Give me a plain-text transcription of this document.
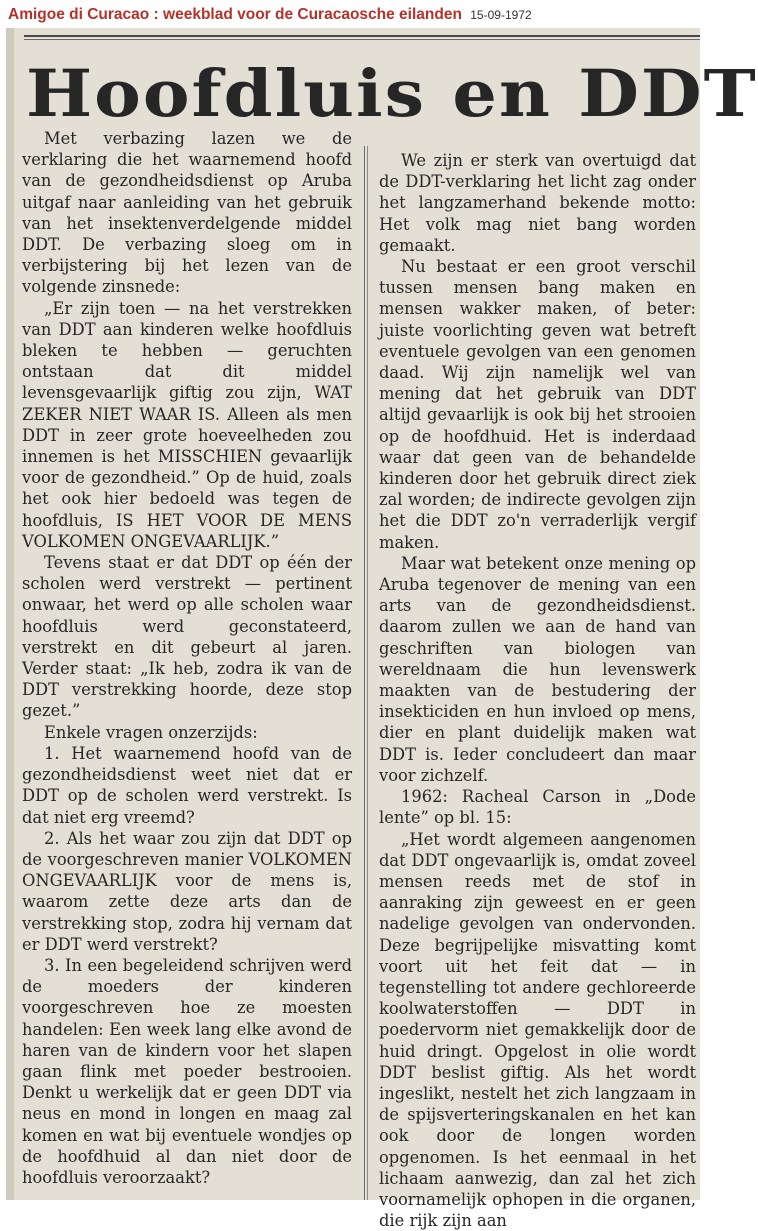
Amigoe di Curacao : weekblad voor de Curacaosche eilanden 15-09-1972
Hoofdluis en DDT

Met verbazing lazen we de verklaring die het waarnemend hoofd van de gezondheidsdienst op Aruba uitgaf naar aanleiding van het gebruik van het insektenverdelgende middel DDT. De verbazing sloeg om in verbijstering bij het lezen van de volgende zinsnede:

„Er zijn toen — na het verstrekken van DDT aan kinderen welke hoofdluis bleken te hebben — geruchten ontstaan dat dit middel levensgevaarlijk giftig zou zijn, WAT ZEKER NIET WAAR IS. Alleen als men DDT in zeer grote hoeveelheden zou innemen is het MISSCHIEN gevaarlijk voor de gezondheid.” Op de huid, zoals het ook hier bedoeld was tegen de hoofdluis, IS HET VOOR DE MENS VOLKOMEN ONGEVAARLIJK.”

Tevens staat er dat DDT op één der scholen werd verstrekt — pertinent onwaar, het werd op alle scholen waar hoofdluis werd geconstateerd, verstrekt en dit gebeurt al jaren. Verder staat: „Ik heb, zodra ik van de DDT verstrekking hoorde, deze stop gezet.”

Enkele vragen onzerzijds:

1. Het waarnemend hoofd van de gezondheidsdienst weet niet dat er DDT op de scholen werd verstrekt. Is dat niet erg vreemd?

2. Als het waar zou zijn dat DDT op de voorgeschreven manier VOLKOMEN ONGEVAARLIJK voor de mens is, waarom zette deze arts dan de verstrekking stop, zodra hij vernam dat er DDT werd verstrekt?

3. In een begeleidend schrijven werd de moeders der kinderen voorgeschreven hoe ze moesten handelen: Een week lang elke avond de haren van de kindern voor het slapen gaan flink met poeder bestrooien. Denkt u werkelijk dat er geen DDT via neus en mond in longen en maag zal komen en wat bij eventuele wondjes op de hoofdhuid al dan niet door de hoofdluis veroorzaakt?

We zijn er sterk van overtuigd dat de DDT-verklaring het licht zag onder het langzamerhand bekende motto: Het volk mag niet bang worden gemaakt.

Nu bestaat er een groot verschil tussen mensen bang maken en mensen wakker maken, of beter: juiste voorlichting geven wat betreft eventuele gevolgen van een genomen daad. Wij zijn namelijk wel van mening dat het gebruik van DDT altijd gevaarlijk is ook bij het strooien op de hoofdhuid. Het is inderdaad waar dat geen van de behandelde kinderen door het gebruik direct ziek zal worden; de indirecte gevolgen zijn het die DDT zo'n verraderlijk vergif maken.

Maar wat betekent onze mening op Aruba tegenover de mening van een arts van de gezondheidsdienst. daarom zullen we aan de hand van geschriften van biologen van wereldnaam die hun levenswerk maakten van de bestudering der insekticiden en hun invloed op mens, dier en plant duidelijk maken wat DDT is. Ieder concludeert dan maar voor zichzelf.

1962: Racheal Carson in „Dode lente” op bl. 15:

„Het wordt algemeen aangenomen dat DDT ongevaarlijk is, omdat zoveel mensen reeds met de stof in aanraking zijn geweest en er geen nadelige gevolgen van ondervonden. Deze begrijpelijke misvatting komt voort uit het feit dat — in tegenstelling tot andere gechloreerde koolwaterstoffen — DDT in poedervorm niet gemakkelijk door de huid dringt. Opgelost in olie wordt DDT beslist giftig. Als het wordt ingeslikt, nestelt het zich langzaam in de spijsverteringskanalen en het kan ook door de longen worden opgenomen. Is het eenmaal in het lichaam aanwezig, dan zal het zich voornamelijk ophopen in die organen, die rijk zijn aan
